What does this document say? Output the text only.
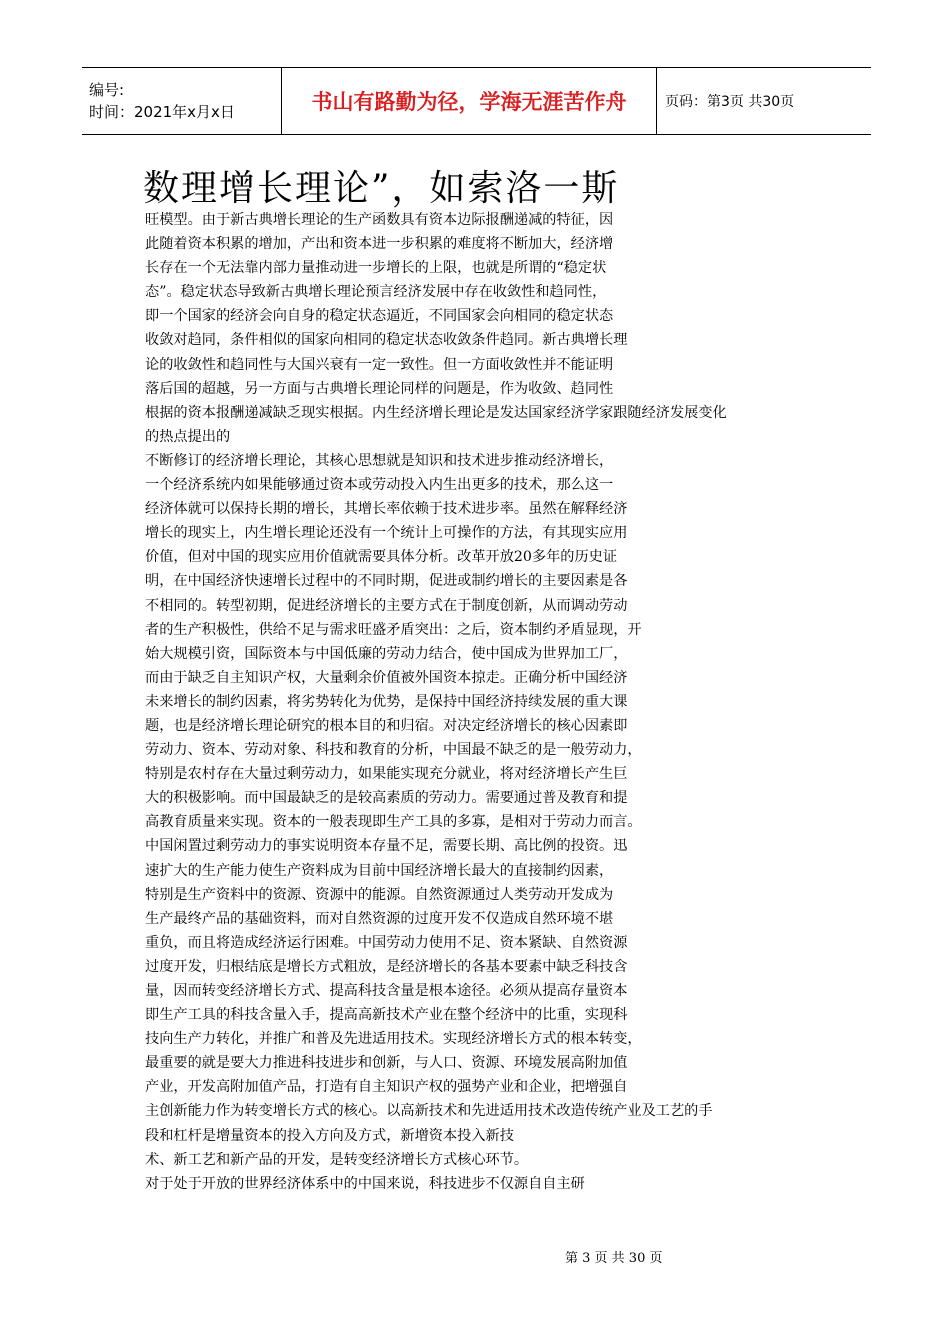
编号:
时间：2021年x月x日	书山有路勤为径，学海无涯苦作舟	页码：第3页 共30页
数理增长理论”，如索洛一斯
旺模型。由于新古典增长理论的生产函数具有资本边际报酬递减的特征，因
此随着资本积累的增加，产出和资本进一步积累的难度将不断加大，经济增
长存在一个无法靠内部力量推动进一步增长的上限，也就是所谓的“稳定状
态”。稳定状态导致新古典增长理论预言经济发展中存在收敛性和趋同性，
即一个国家的经济会向自身的稳定状态逼近，不同国家会向相同的稳定状态
收敛对趋同，条件相似的国家向相同的稳定状态收敛条件趋同。新古典增长理
论的收敛性和趋同性与大国兴衰有一定一致性。但一方面收敛性并不能证明
落后国的超越，另一方面与古典增长理论同样的问题是，作为收敛、趋同性
根据的资本报酬递减缺乏现实根据。内生经济增长理论是发达国家经济学家跟随经济发展变化
的热点提出的
不断修订的经济增长理论，其核心思想就是知识和技术进步推动经济增长，
一个经济系统内如果能够通过资本或劳动投入内生出更多的技术，那么这一
经济体就可以保持长期的增长，其增长率依赖于技术进步率。虽然在解释经济
增长的现实上，内生增长理论还没有一个统计上可操作的方法，有其现实应用
价值，但对中国的现实应用价值就需要具体分析。改革开放20多年的历史证
明，在中国经济快速增长过程中的不同时期，促进或制约增长的主要因素是各
不相同的。转型初期，促进经济增长的主要方式在于制度创新，从而调动劳动
者的生产积极性，供给不足与需求旺盛矛盾突出：之后，资本制约矛盾显现，开
始大规模引资，国际资本与中国低廉的劳动力结合，使中国成为世界加工厂，
而由于缺乏自主知识产权，大量剩余价值被外国资本掠走。正确分析中国经济
未来增长的制约因素，将劣势转化为优势，是保持中国经济持续发展的重大课
题，也是经济增长理论研究的根本目的和归宿。对决定经济增长的核心因素即
劳动力、资本、劳动对象、科技和教育的分析，中国最不缺乏的是一般劳动力，
特别是农村存在大量过剩劳动力，如果能实现充分就业，将对经济增长产生巨
大的积极影响。而中国最缺乏的是较高素质的劳动力。需要通过普及教育和提
高教育质量来实现。资本的一般表现即生产工具的多寡，是相对于劳动力而言。
中国闲置过剩劳动力的事实说明资本存量不足，需要长期、高比例的投资。迅
速扩大的生产能力使生产资料成为目前中国经济增长最大的直接制约因素，
特别是生产资料中的资源、资源中的能源。自然资源通过人类劳动开发成为
生产最终产品的基础资料，而对自然资源的过度开发不仅造成自然环境不堪
重负，而且将造成经济运行困难。中国劳动力使用不足、资本紧缺、自然资源
过度开发，归根结底是增长方式粗放，是经济增长的各基本要素中缺乏科技含
量，因而转变经济增长方式、提高科技含量是根本途径。必须从提高存量资本
即生产工具的科技含量入手，提高高新技术产业在整个经济中的比重，实现科
技向生产力转化，并推广和普及先进适用技术。实现经济增长方式的根本转变，
最重要的就是要大力推进科技进步和创新，与人口、资源、环境发展高附加值
产业，开发高附加值产品，打造有自主知识产权的强势产业和企业，把增强自
主创新能力作为转变增长方式的核心。以高新技术和先进适用技术改造传统产业及工艺的手
段和杠杆是增量资本的投入方向及方式，新增资本投入新技
术、新工艺和新产品的开发，是转变经济增长方式核心环节。
对于处于开放的世界经济体系中的中国来说，科技进步不仅源自自主研
第 3 页 共 30 页
